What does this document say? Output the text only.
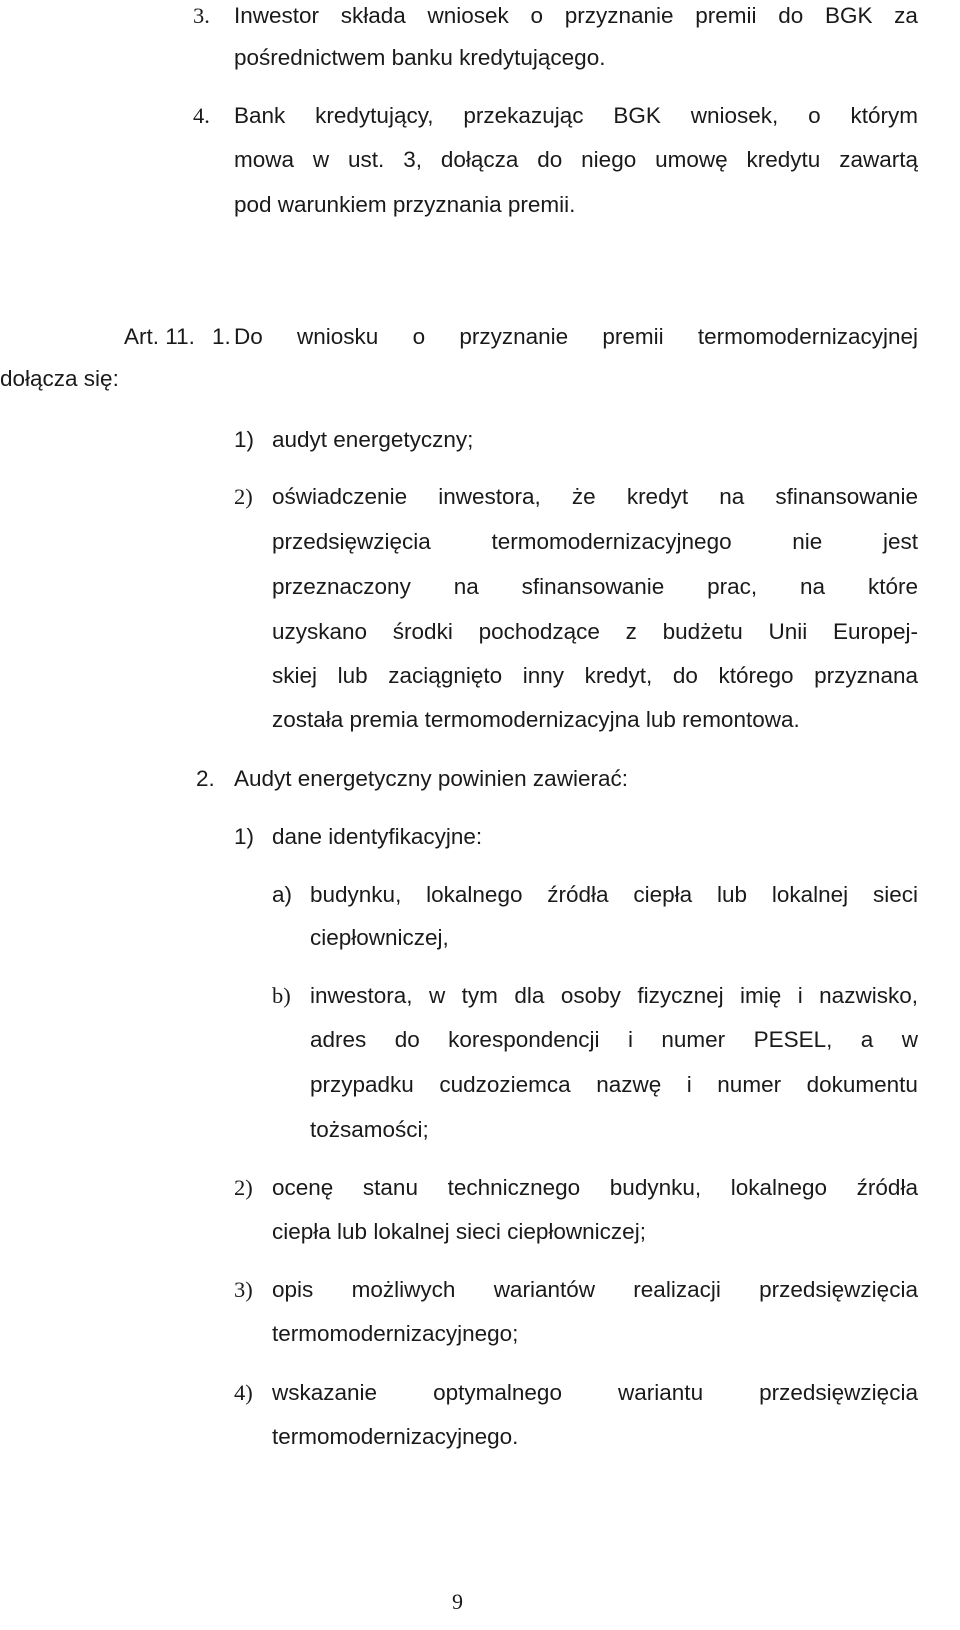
3. Inwestor składa wniosek o przyznanie premii do BGK za
pośrednictwem banku kredytującego.
4. Bank kredytujący, przekazując BGK wniosek, o którym
mowa w ust. 3, dołącza do niego umowę kredytu zawartą
pod warunkiem przyznania premii.
Art. 11. 1. Do wniosku o przyznanie premii termomodernizacyjnej
dołącza się:
1) audyt energetyczny;
2) oświadczenie inwestora, że kredyt na sfinansowanie
przedsięwzięcia	termomodernizacyjnego	nie	jest
przeznaczony na sfinansowanie prac, na które
uzyskano środki pochodzące z budżetu Unii Europej-
skiej lub zaciągnięto inny kredyt, do którego przyznana
została premia termomodernizacyjna lub remontowa.
2. Audyt energetyczny powinien zawierać:
1) dane identyfikacyjne:
a) budynku, lokalnego źródła ciepła lub lokalnej sieci
ciepłowniczej,
b) inwestora, w tym dla osoby fizycznej imię i nazwisko,
adres do korespondencji i numer PESEL, a w
przypadku cudzoziemca nazwę i numer dokumentu
tożsamości;
2) ocenę stanu technicznego budynku, lokalnego źródła
ciepła lub lokalnej sieci ciepłowniczej;
3) opis możliwych wariantów realizacji przedsięwzięcia
termomodernizacyjnego;
4) wskazanie optymalnego wariantu przedsięwzięcia
termomodernizacyjnego.
9
